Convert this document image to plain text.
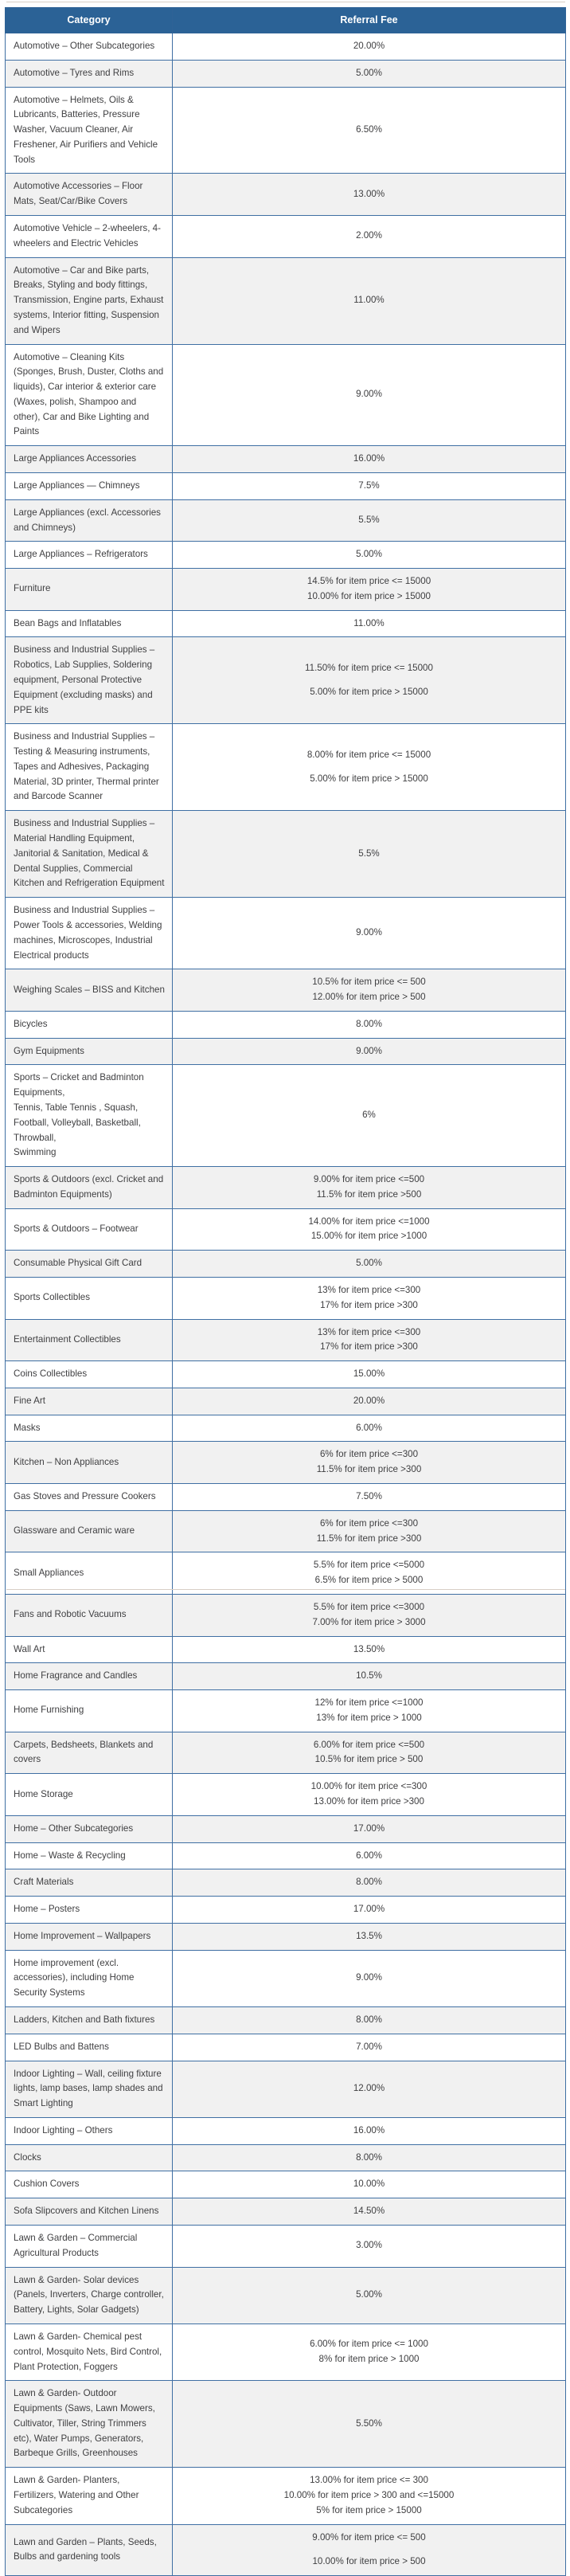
Category	Referral Fee
Automotive – Other Subcategories	20.00%

Automotive – Tyres and Rims	5.00%

Automotive – Helmets, Oils & Lubricants, Batteries, Pressure Washer, Vacuum Cleaner, Air Freshener, Air Purifiers and Vehicle Tools	6.50%

Automotive Accessories – Floor Mats, Seat/Car/Bike Covers	13.00%

Automotive Vehicle – 2-wheelers, 4-wheelers and Electric Vehicles	2.00%

Automotive – Car and Bike parts, Breaks, Styling and body fittings, Transmission, Engine parts, Exhaust systems, Interior fitting, Suspension and Wipers	11.00%

Automotive – Cleaning Kits (Sponges, Brush, Duster, Cloths and liquids), Car interior & exterior care (Waxes, polish, Shampoo and other), Car and Bike Lighting and Paints	9.00%

Large Appliances Accessories	16.00%

Large Appliances — Chimneys	7.5%

Large Appliances (excl. Accessories and Chimneys)	5.5%

Large Appliances – Refrigerators	5.00%

Furniture	14.5% for item price <= 15000
10.00% for item price > 15000

Bean Bags and Inflatables	11.00%

Business and Industrial Supplies – Robotics, Lab Supplies, Soldering equipment, Personal Protective Equipment (excluding masks) and PPE kits	11.50% for item price <= 15000
5.00% for item price > 15000

Business and Industrial Supplies – Testing & Measuring instruments, Tapes and Adhesives, Packaging Material, 3D printer, Thermal printer and Barcode Scanner	8.00% for item price <= 15000
5.00% for item price > 15000

Business and Industrial Supplies – Material Handling Equipment, Janitorial & Sanitation, Medical & Dental Supplies, Commercial Kitchen and Refrigeration Equipment	5.5%

Business and Industrial Supplies – Power Tools & accessories, Welding machines, Microscopes, Industrial Electrical products	9.00%

Weighing Scales – BISS and Kitchen	10.5% for item price <= 500
12.00% for item price > 500

Bicycles	8.00%

Gym Equipments	9.00%

Sports – Cricket and Badminton Equipments,
Tennis, Table Tennis , Squash,
Football, Volleyball, Basketball,
Throwball,
Swimming	6%

Sports & Outdoors (excl. Cricket and Badminton Equipments)	9.00% for item price <=500
11.5% for item price >500

Sports & Outdoors – Footwear	14.00% for item price <=1000
15.00% for item price >1000

Consumable Physical Gift Card	5.00%

Sports Collectibles	13% for item price <=300
17% for item price >300

Entertainment Collectibles	13% for item price <=300
17% for item price >300

Coins Collectibles	15.00%

Fine Art	20.00%

Masks	6.00%

Kitchen – Non Appliances	6% for item price <=300
11.5% for item price >300

Gas Stoves and Pressure Cookers	7.50%

Glassware and Ceramic ware	6% for item price <=300
11.5% for item price >300

Small Appliances	5.5% for item price <=5000
6.5% for item price > 5000

Fans and Robotic Vacuums	5.5% for item price <=3000
7.00% for item price > 3000

Wall Art	13.50%

Home Fragrance and Candles	10.5%

Home Furnishing	12% for item price <=1000
13% for item price > 1000

Carpets, Bedsheets, Blankets and covers	6.00% for item price <=500
10.5% for item price > 500

Home Storage	10.00% for item price <=300
13.00% for item price >300

Home – Other Subcategories	17.00%

Home – Waste & Recycling	6.00%

Craft Materials	8.00%

Home – Posters	17.00%

Home Improvement – Wallpapers	13.5%

Home improvement (excl. accessories), including Home Security Systems	9.00%

Ladders, Kitchen and Bath fixtures	8.00%

LED Bulbs and Battens	7.00%

Indoor Lighting – Wall, ceiling fixture lights, lamp bases, lamp shades and Smart Lighting	12.00%

Indoor Lighting – Others	16.00%

Clocks	8.00%

Cushion Covers	10.00%

Sofa Slipcovers and Kitchen Linens	14.50%

Lawn & Garden – Commercial Agricultural Products	3.00%

Lawn & Garden- Solar devices (Panels, Inverters, Charge controller, Battery, Lights, Solar Gadgets)	5.00%

Lawn & Garden- Chemical pest control, Mosquito Nets, Bird Control, Plant Protection, Foggers	6.00% for item price <= 1000
8% for item price > 1000

Lawn & Garden- Outdoor Equipments (Saws, Lawn Mowers, Cultivator, Tiller, String Trimmers etc), Water Pumps, Generators, Barbeque Grills, Greenhouses	5.50%

Lawn & Garden- Planters, Fertilizers, Watering and Other Subcategories	13.00% for item price <= 300
10.00% for item price > 300 and <=15000
5% for item price > 15000

Lawn and Garden – Plants, Seeds, Bulbs and gardening tools	9.00% for item price <= 500
10.00% for item price > 500
